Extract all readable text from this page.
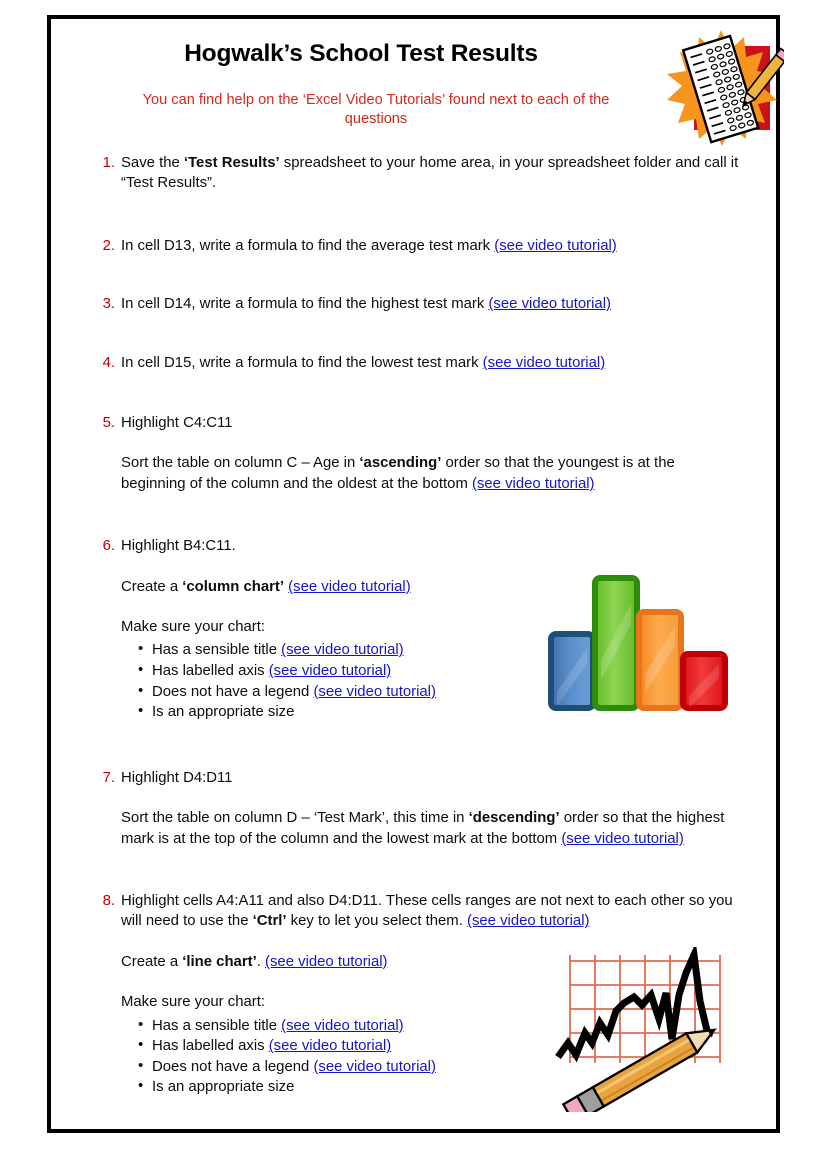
Hogwalk’s School Test Results
You can find help on the ‘Excel Video Tutorials’ found next to each of the questions
1. Save the ‘Test Results’ spreadsheet to your home area, in your spreadsheet folder and call it “Test Results”.
2. In cell D13, write a formula to find the average test mark (see video tutorial)
3. In cell D14, write a formula to find the highest test mark (see video tutorial)
4. In cell D15, write a formula to find the lowest test mark (see video tutorial)
5. Highlight C4:C11
Sort the table on column C – Age in ‘ascending’ order so that the youngest is at the beginning of the column and the oldest at the bottom (see video tutorial)
6. Highlight B4:C11.
Create a ‘column chart’ (see video tutorial)
Make sure your chart:
• Has a sensible title (see video tutorial)
• Has labelled axis (see video tutorial)
• Does not have a legend (see video tutorial)
• Is an appropriate size
7. Highlight D4:D11
Sort the table on column D – ‘Test Mark’, this time in ‘descending’ order so that the highest mark is at the top of the column and the lowest mark at the bottom (see video tutorial)
8. Highlight cells A4:A11 and also D4:D11. These cells ranges are not next to each other so you will need to use the ‘Ctrl’ key to let you select them. (see video tutorial)
Create a ‘line chart’. (see video tutorial)
Make sure your chart:
• Has a sensible title (see video tutorial)
• Has labelled axis (see video tutorial)
• Does not have a legend (see video tutorial)
• Is an appropriate size
